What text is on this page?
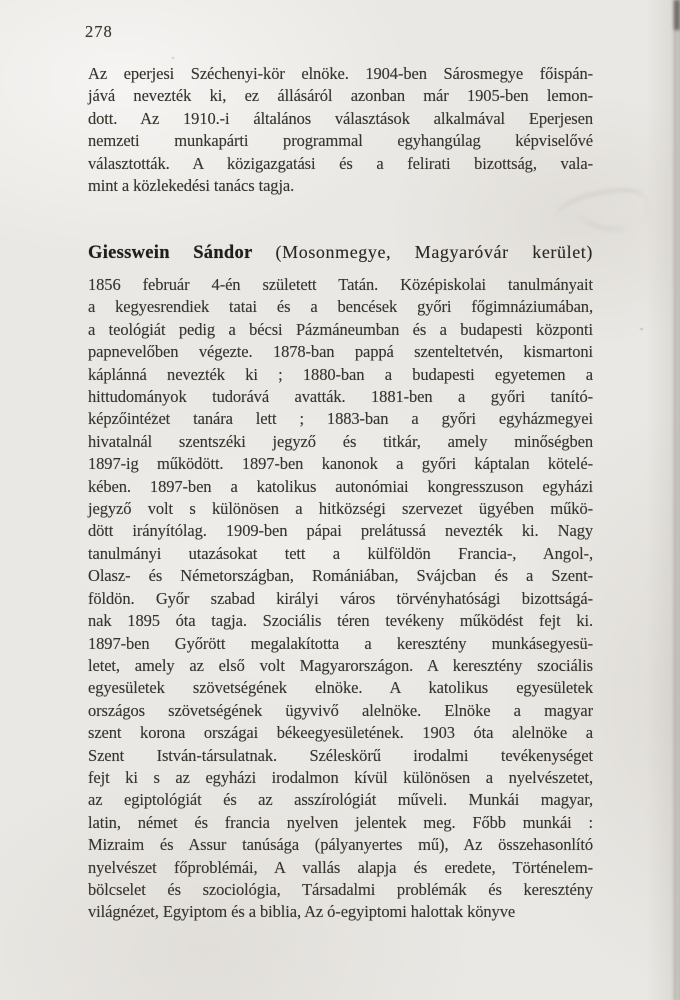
278
Az eperjesi Széchenyi-kör elnöke. 1904-ben Sárosmegye főispán-
jává nevezték ki, ez állásáról azonban már 1905-ben lemon-
dott. Az 1910.-i általános választások alkalmával Eperjesen
nemzeti munkapárti programmal egyhangúlag képviselővé
választották. A közigazgatási és a felirati bizottság, vala-
mint a közlekedési tanács tagja.
Giesswein Sándor (Mosonmegye, Magyaróvár kerület)
1856 február 4-én született Tatán. Középiskolai tanulmányait
a kegyesrendiek tatai és a bencések győri főgimnáziumában,
a teológiát pedig a bécsi Pázmáneumban és a budapesti központi
papnevelőben végezte. 1878-ban pappá szenteltetvén, kismartoni
káplánná nevezték ki ; 1880-ban a budapesti egyetemen a
hittudományok tudorává avatták. 1881-ben a győri tanító-
képzőintézet tanára lett ; 1883-ban a győri egyházmegyei
hivatalnál szentszéki jegyző és titkár, amely minőségben
1897-ig működött. 1897-ben kanonok a győri káptalan kötelé-
kében. 1897-ben a katolikus autonómiai kongresszuson egyházi
jegyző volt s különösen a hitközségi szervezet ügyében műkö-
dött irányítólag. 1909-ben pápai prelátussá nevezték ki. Nagy
tanulmányi utazásokat tett a külföldön Francia-, Angol-,
Olasz- és Németországban, Romániában, Svájcban és a Szent-
földön. Győr szabad királyi város törvényhatósági bizottságá-
nak 1895 óta tagja. Szociális téren tevékeny működést fejt ki.
1897-ben Győrött megalakította a keresztény munkásegyesü-
letet, amely az első volt Magyarországon. A keresztény szociális
egyesületek szövetségének elnöke. A katolikus egyesületek
országos szövetségének ügyvivő alelnöke. Elnöke a magyar
szent korona országai békeegyesületének. 1903 óta alelnöke a
Szent István-társulatnak. Széleskörű irodalmi tevékenységet
fejt ki s az egyházi irodalmon kívül különösen a nyelvészetet,
az egiptológiát és az asszírológiát műveli. Munkái magyar,
latin, német és francia nyelven jelentek meg. Főbb munkái :
Mizraim és Assur tanúsága (pályanyertes mű), Az összehasonlító
nyelvészet főproblémái, A vallás alapja és eredete, Történelem-
bölcselet és szociológia, Társadalmi problémák és keresztény
világnézet, Egyiptom és a biblia, Az ó-egyiptomi halottak könyve
